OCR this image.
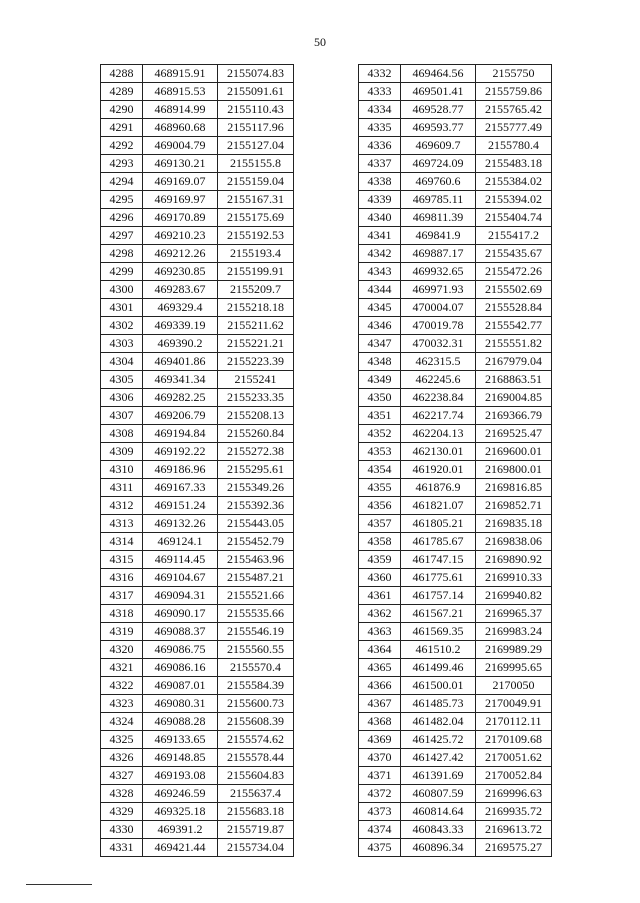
50
4288	468915.91	2155074.83
4289	468915.53	2155091.61
4290	468914.99	2155110.43
4291	468960.68	2155117.96
4292	469004.79	2155127.04
4293	469130.21	2155155.8
4294	469169.07	2155159.04
4295	469169.97	2155167.31
4296	469170.89	2155175.69
4297	469210.23	2155192.53
4298	469212.26	2155193.4
4299	469230.85	2155199.91
4300	469283.67	2155209.7
4301	469329.4	2155218.18
4302	469339.19	2155211.62
4303	469390.2	2155221.21
4304	469401.86	2155223.39
4305	469341.34	2155241
4306	469282.25	2155233.35
4307	469206.79	2155208.13
4308	469194.84	2155260.84
4309	469192.22	2155272.38
4310	469186.96	2155295.61
4311	469167.33	2155349.26
4312	469151.24	2155392.36
4313	469132.26	2155443.05
4314	469124.1	2155452.79
4315	469114.45	2155463.96
4316	469104.67	2155487.21
4317	469094.31	2155521.66
4318	469090.17	2155535.66
4319	469088.37	2155546.19
4320	469086.75	2155560.55
4321	469086.16	2155570.4
4322	469087.01	2155584.39
4323	469080.31	2155600.73
4324	469088.28	2155608.39
4325	469133.65	2155574.62
4326	469148.85	2155578.44
4327	469193.08	2155604.83
4328	469246.59	2155637.4
4329	469325.18	2155683.18
4330	469391.2	2155719.87
4331	469421.44	2155734.04
4332	469464.56	2155750
4333	469501.41	2155759.86
4334	469528.77	2155765.42
4335	469593.77	2155777.49
4336	469609.7	2155780.4
4337	469724.09	2155483.18
4338	469760.6	2155384.02
4339	469785.11	2155394.02
4340	469811.39	2155404.74
4341	469841.9	2155417.2
4342	469887.17	2155435.67
4343	469932.65	2155472.26
4344	469971.93	2155502.69
4345	470004.07	2155528.84
4346	470019.78	2155542.77
4347	470032.31	2155551.82
4348	462315.5	2167979.04
4349	462245.6	2168863.51
4350	462238.84	2169004.85
4351	462217.74	2169366.79
4352	462204.13	2169525.47
4353	462130.01	2169600.01
4354	461920.01	2169800.01
4355	461876.9	2169816.85
4356	461821.07	2169852.71
4357	461805.21	2169835.18
4358	461785.67	2169838.06
4359	461747.15	2169890.92
4360	461775.61	2169910.33
4361	461757.14	2169940.82
4362	461567.21	2169965.37
4363	461569.35	2169983.24
4364	461510.2	2169989.29
4365	461499.46	2169995.65
4366	461500.01	2170050
4367	461485.73	2170049.91
4368	461482.04	2170112.11
4369	461425.72	2170109.68
4370	461427.42	2170051.62
4371	461391.69	2170052.84
4372	460807.59	2169996.63
4373	460814.64	2169935.72
4374	460843.33	2169613.72
4375	460896.34	2169575.27
